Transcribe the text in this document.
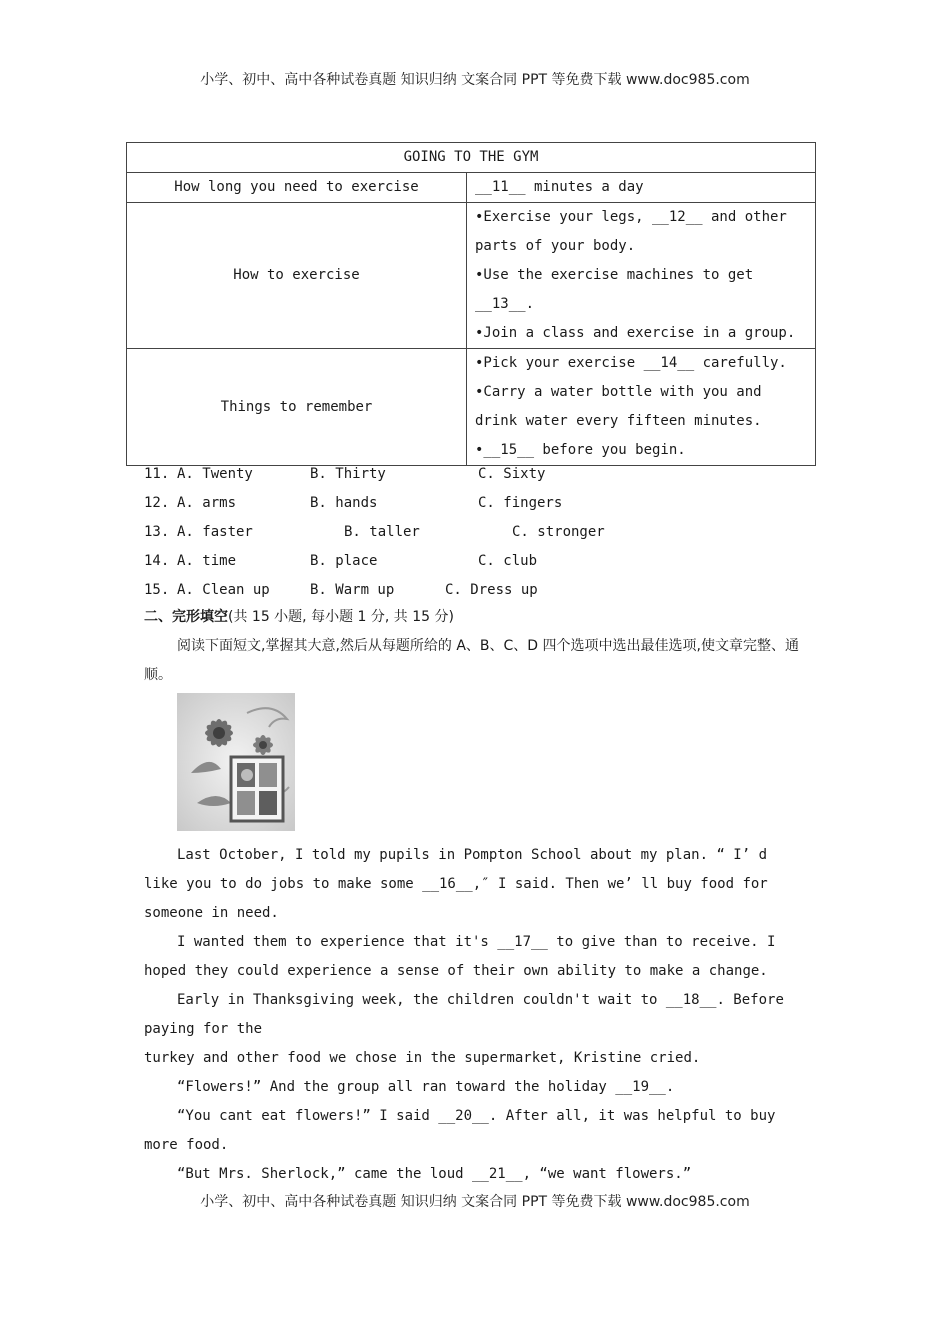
小学、初中、高中各种试卷真题 知识归纳 文案合同 PPT 等免费下载 www.doc985.com
GOING TO THE GYM	
How long you need to exercise	__11__ minutes a day

How to exercise	•Exercise your legs, __12__ and other parts of your body.
•Use the exercise machines to get __13__.
•Join a class and exercise in a group.

Things to remember	•Pick your exercise __14__ carefully.
•Carry a water bottle with you and drink water every fifteen minutes.
•__15__ before you begin.
11. A. Twenty	B. Thirty	C. Sixty
12. A. arms	B. hands	C. fingers
13. A. faster	B. taller	C. stronger
14. A. time	B. place	C. club
15. A. Clean up	B. Warm up	C. Dress up
二、完形填空(共 15 小题, 每小题 1 分, 共 15 分)
阅读下面短文,掌握其大意,然后从每题所给的 A、B、C、D 四个选项中选出最佳选项,使文章完整、通顺。

Last October, I told my pupils in Pompton School about my plan. “ I’ d like you to do jobs to make some __16__,″ I said. Then we’ ll buy food for someone in need.

I wanted them to experience that it's __17__ to give than to receive. I hoped they could experience a sense of their own ability to make a change.

Early in Thanksgiving week, the children couldn't wait to __18__. Before paying for the

turkey and other food we chose in the supermarket, Kristine cried.

“Flowers!” And the group all ran toward the holiday __19__.

“You cant eat flowers!” I said __20__. After all, it was helpful to buy more food.

“But Mrs. Sherlock,” came the loud __21__, “we want flowers.”

小学、初中、高中各种试卷真题 知识归纳 文案合同 PPT 等免费下载 www.doc985.com
